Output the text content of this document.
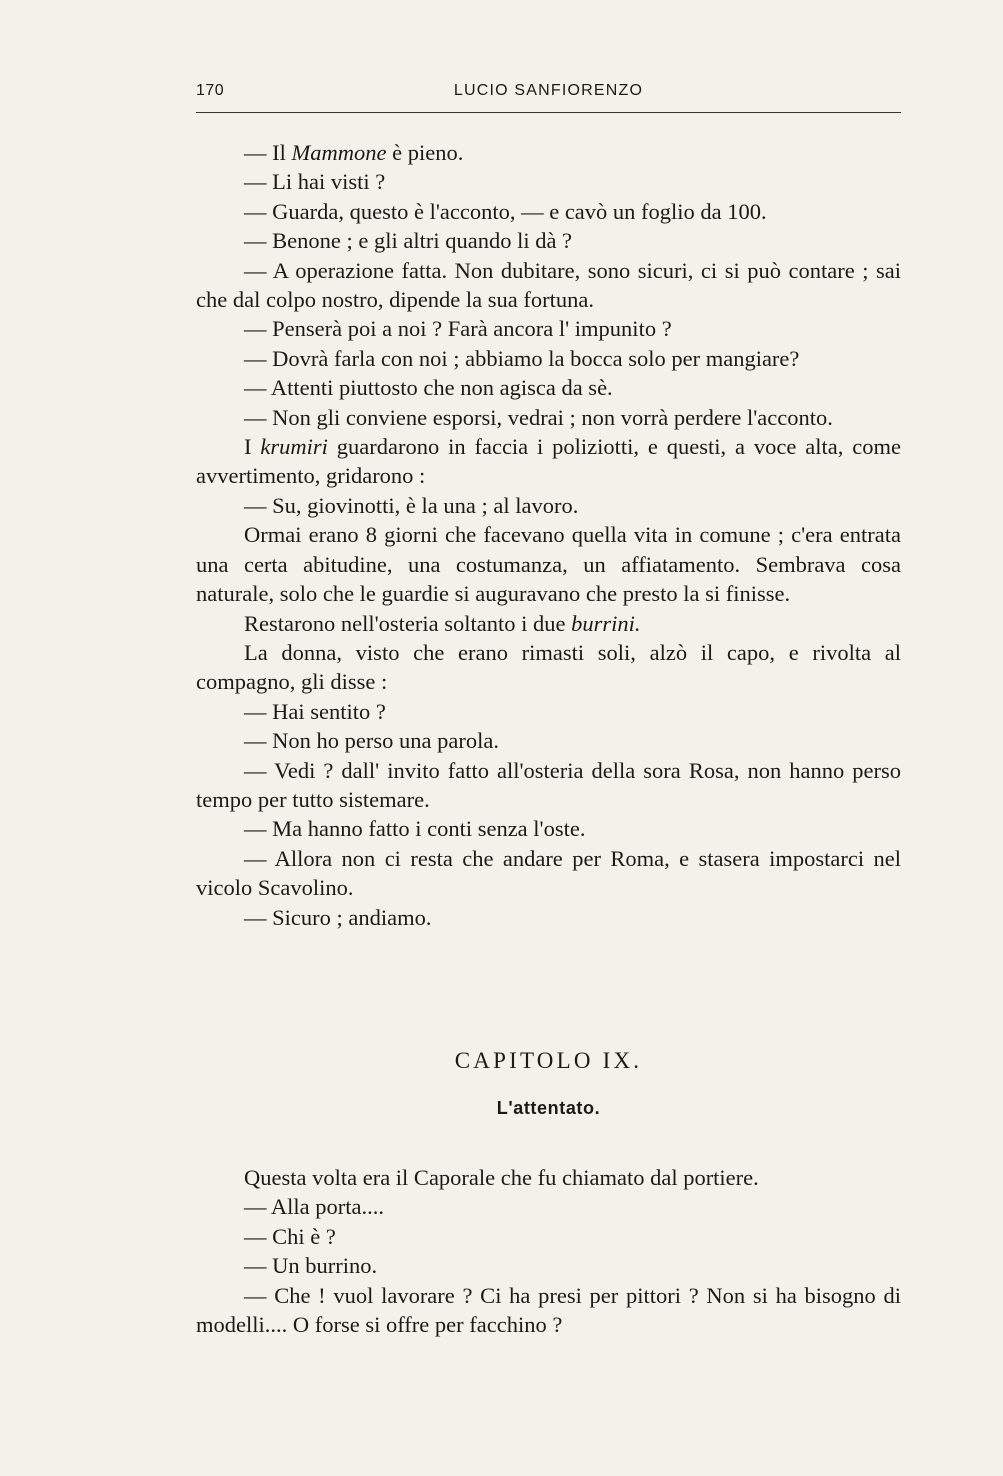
170	LUCIO SANFIORENZO

— Il Mammone è pieno.

— Li hai visti ?

— Guarda, questo è l'acconto, — e cavò un foglio da 100.

— Benone ; e gli altri quando li dà ?

— A operazione fatta. Non dubitare, sono sicuri, ci si può contare ; sai che dal colpo nostro, dipende la sua fortuna.

— Penserà poi a noi ? Farà ancora l' impunito ?

— Dovrà farla con noi ; abbiamo la bocca solo per mangiare?

— Attenti piuttosto che non agisca da sè.

— Non gli conviene esporsi, vedrai ; non vorrà perdere l'acconto.

I krumiri guardarono in faccia i poliziotti, e questi, a voce alta, come avvertimento, gridarono :

— Su, giovinotti, è la una ; al lavoro.

Ormai erano 8 giorni che facevano quella vita in comune ; c'era entrata una certa abitudine, una costumanza, un affiatamento. Sembrava cosa naturale, solo che le guardie si auguravano che presto la si finisse.

Restarono nell'osteria soltanto i due burrini.

La donna, visto che erano rimasti soli, alzò il capo, e rivolta al compagno, gli disse :

— Hai sentito ?

— Non ho perso una parola.

— Vedi ? dall' invito fatto all'osteria della sora Rosa, non hanno perso tempo per tutto sistemare.

— Ma hanno fatto i conti senza l'oste.

— Allora non ci resta che andare per Roma, e stasera impostarci nel vicolo Scavolino.

— Sicuro ; andiamo.

CAPITOLO IX.

L'attentato.

Questa volta era il Caporale che fu chiamato dal portiere.

— Alla porta....

— Chi è ?

— Un burrino.

— Che ! vuol lavorare ? Ci ha presi per pittori ? Non si ha bisogno di modelli.... O forse si offre per facchino ?
